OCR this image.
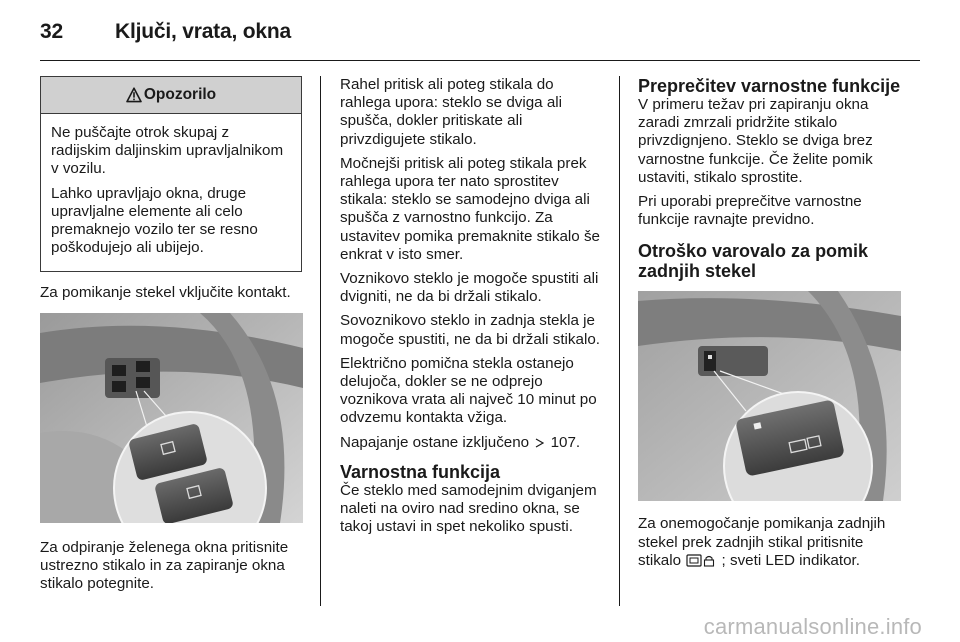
32 Ključi, vrata, okna
Opozorilo

Ne puščajte otrok skupaj z radijskim daljinskim upravljalnikom v vozilu.

Lahko upravljajo okna, druge upravljalne elemente ali celo premaknejo vozilo ter se resno poškodujejo ali ubijejo.

Za pomikanje stekel vključite kontakt.

Za odpiranje želenega okna pritisnite ustrezno stikalo in za zapiranje okna stikalo potegnite.

Rahel pritisk ali poteg stikala do rahlega upora: steklo se dviga ali spušča, dokler pritiskate ali privzdigujete stikalo.

Močnejši pritisk ali poteg stikala prek rahlega upora ter nato sprostitev stikala: steklo se samodejno dviga ali spušča z varnostno funkcijo. Za ustavitev pomika premaknite stikalo še enkrat v isto smer.

Voznikovo steklo je mogoče spustiti ali dvigniti, ne da bi držali stikalo.

Sovoznikovo steklo in zadnja stekla je mogoče spustiti, ne da bi držali stikalo.

Električno pomična stekla ostanejo delujoča, dokler se ne odprejo voznikova vrata ali največ 10 minut po odvzemu kontakta vžiga.

Napajanje ostane izključeno 107.

Varnostna funkcija

Če steklo med samodejnim dviganjem naleti na oviro nad sredino okna, se takoj ustavi in spet nekoliko spusti.

Preprečitev varnostne funkcije

V primeru težav pri zapiranju okna zaradi zmrzali pridržite stikalo privzdignjeno. Steklo se dviga brez varnostne funkcije. Če želite pomik ustaviti, stikalo sprostite.

Pri uporabi preprečitve varnostne funkcije ravnajte previdno.

Otroško varovalo za pomik zadnjih stekel

Za onemogočanje pomikanja zadnjih stekel prek zadnjih stikal pritisnite stikalo	; sveti LED indikator.

carmanualsonline.info
